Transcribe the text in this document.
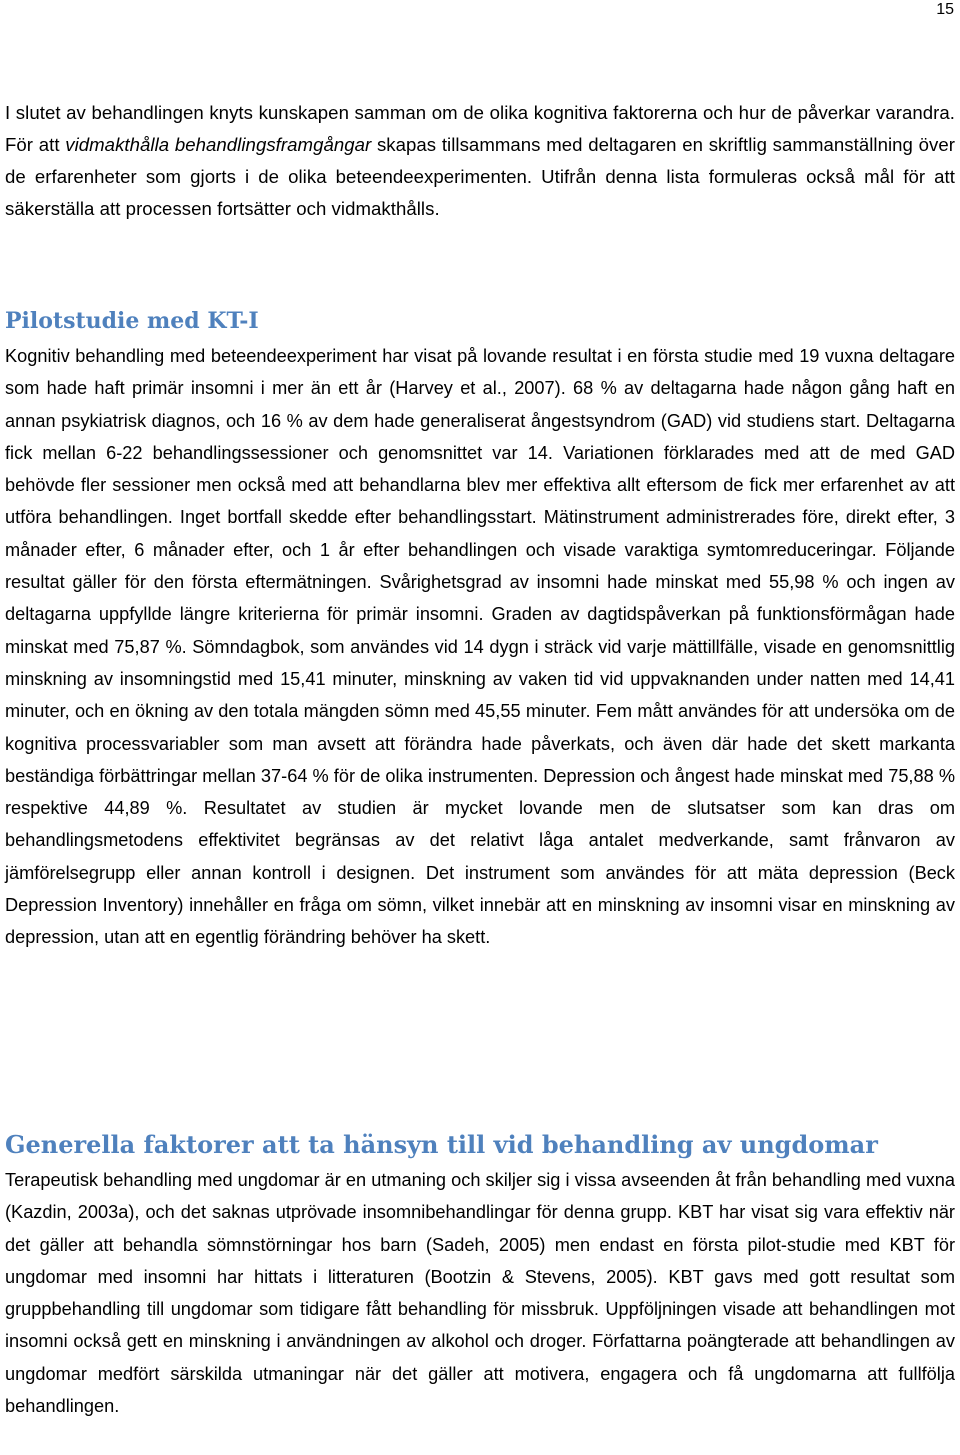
15

I slutet av behandlingen knyts kunskapen samman om de olika kognitiva faktorerna och hur de påverkar varandra. För att vidmakthålla behandlingsframgångar skapas tillsammans med deltagaren en skriftlig sammanställning över de erfarenheter som gjorts i de olika beteendeexperimenten. Utifrån denna lista formuleras också mål för att säkerställa att processen fortsätter och vidmakthålls.

Pilotstudie med KT-I

Kognitiv behandling med beteendeexperiment har visat på lovande resultat i en första studie med 19 vuxna deltagare som hade haft primär insomni i mer än ett år (Harvey et al., 2007). 68 % av deltagarna hade någon gång haft en annan psykiatrisk diagnos, och 16 % av dem hade generaliserat ångestsyndrom (GAD) vid studiens start. Deltagarna fick mellan 6-22 behandlingssessioner och genomsnittet var 14. Variationen förklarades med att de med GAD behövde fler sessioner men också med att behandlarna blev mer effektiva allt eftersom de fick mer erfarenhet av att utföra behandlingen. Inget bortfall skedde efter behandlingsstart. Mätinstrument administrerades före, direkt efter, 3 månader efter, 6 månader efter, och 1 år efter behandlingen och visade varaktiga symtomreduceringar. Följande resultat gäller för den första eftermätningen. Svårighetsgrad av insomni hade minskat med 55,98 % och ingen av deltagarna uppfyllde längre kriterierna för primär insomni. Graden av dagtidspåverkan på funktionsförmågan hade minskat med 75,87 %. Sömndagbok, som användes vid 14 dygn i sträck vid varje mättillfälle, visade en genomsnittlig minskning av insomningstid med 15,41 minuter, minskning av vaken tid vid uppvaknanden under natten med 14,41 minuter, och en ökning av den totala mängden sömn med 45,55 minuter. Fem mått användes för att undersöka om de kognitiva processvariabler som man avsett att förändra hade påverkats, och även där hade det skett markanta beständiga förbättringar mellan 37-64 % för de olika instrumenten. Depression och ångest hade minskat med 75,88 % respektive 44,89 %. Resultatet av studien är mycket lovande men de slutsatser som kan dras om behandlingsmetodens effektivitet begränsas av det relativt låga antalet medverkande, samt frånvaron av jämförelsegrupp eller annan kontroll i designen. Det instrument som användes för att mäta depression (Beck Depression Inventory) innehåller en fråga om sömn, vilket innebär att en minskning av insomni visar en minskning av depression, utan att en egentlig förändring behöver ha skett.

Generella faktorer att ta hänsyn till vid behandling av ungdomar

Terapeutisk behandling med ungdomar är en utmaning och skiljer sig i vissa avseenden åt från behandling med vuxna (Kazdin, 2003a), och det saknas utprövade insomnibehandlingar för denna grupp. KBT har visat sig vara effektiv när det gäller att behandla sömnstörningar hos barn (Sadeh, 2005) men endast en första pilot-studie med KBT för ungdomar med insomni har hittats i litteraturen (Bootzin & Stevens, 2005). KBT gavs med gott resultat som gruppbehandling till ungdomar som tidigare fått behandling för missbruk. Uppföljningen visade att behandlingen mot insomni också gett en minskning i användningen av alkohol och droger. Författarna poängterade att behandlingen av ungdomar medfört särskilda utmaningar när det gäller att motivera, engagera och få ungdomarna att fullfölja behandlingen.
